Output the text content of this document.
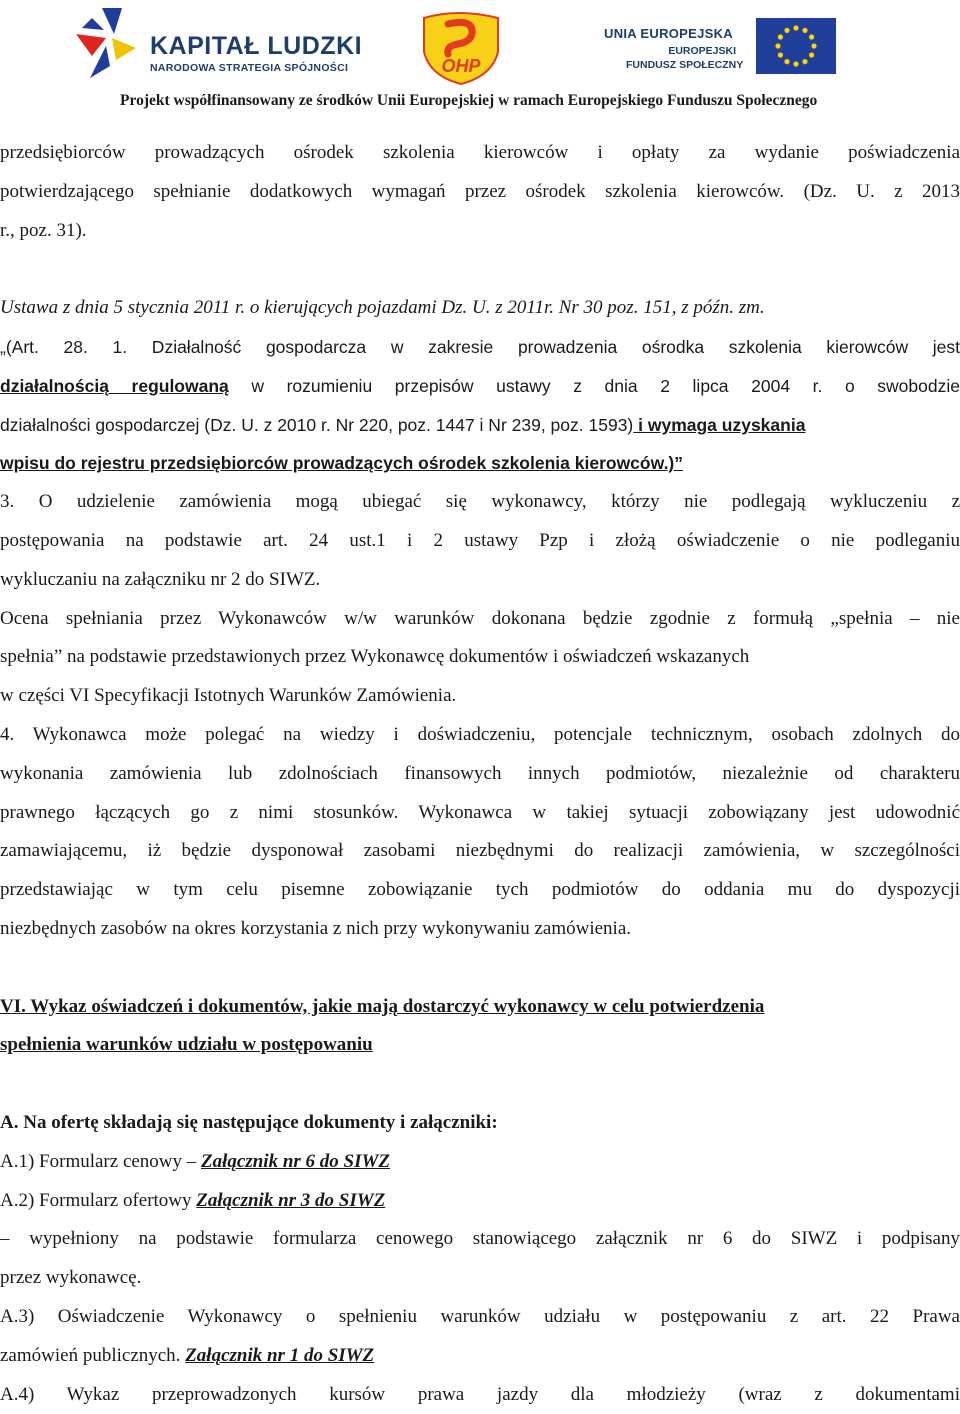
KAPITAŁ LUDZKI
NARODOWA STRATEGIA SPÓJNOŚCI	OHP
UNIA EUROPEJSKA
EUROPEJSKI
FUNDUSZ SPOŁECZNY
Projekt współfinansowany ze środków Unii Europejskiej w ramach Europejskiego Funduszu Społecznego
przedsiębiorców prowadzących ośrodek szkolenia kierowców i opłaty za wydanie poświadczenia
potwierdzającego spełnianie dodatkowych wymagań przez ośrodek szkolenia kierowców. (Dz. U. z 2013
r., poz. 31).
Ustawa z dnia 5 stycznia 2011 r. o kierujących pojazdami Dz. U. z 2011r. Nr 30 poz. 151, z późn. zm.
„(Art. 28. 1. Działalność gospodarcza w zakresie prowadzenia ośrodka szkolenia kierowców jest
działalnością regulowaną w rozumieniu przepisów ustawy z dnia 2 lipca 2004 r. o swobodzie
działalności gospodarczej (Dz. U. z 2010 r. Nr 220, poz. 1447 i Nr 239, poz. 1593) i wymaga uzyskania
wpisu do rejestru przedsiębiorców prowadzących ośrodek szkolenia kierowców.)”
3. O udzielenie zamówienia mogą ubiegać się wykonawcy, którzy nie podlegają wykluczeniu z
postępowania na podstawie art. 24 ust.1 i 2 ustawy Pzp i złożą oświadczenie o nie podleganiu
wykluczaniu na załączniku nr 2 do SIWZ.
Ocena spełniania przez Wykonawców w/w warunków dokonana będzie zgodnie z formułą „spełnia – nie
spełnia” na podstawie przedstawionych przez Wykonawcę dokumentów i oświadczeń wskazanych
w części VI Specyfikacji Istotnych Warunków Zamówienia.
4. Wykonawca może polegać na wiedzy i doświadczeniu, potencjale technicznym, osobach zdolnych do
wykonania zamówienia lub zdolnościach finansowych innych podmiotów, niezależnie od charakteru
prawnego łączących go z nimi stosunków. Wykonawca w takiej sytuacji zobowiązany jest udowodnić
zamawiającemu, iż będzie dysponował zasobami niezbędnymi do realizacji zamówienia, w szczególności
przedstawiając w tym celu pisemne zobowiązanie tych podmiotów do oddania mu do dyspozycji
niezbędnych zasobów na okres korzystania z nich przy wykonywaniu zamówienia.
VI. Wykaz oświadczeń i dokumentów, jakie mają dostarczyć wykonawcy w celu potwierdzenia
spełnienia warunków udziału w postępowaniu
A. Na ofertę składają się następujące dokumenty i załączniki:
A.1) Formularz cenowy – Załącznik nr 6 do SIWZ
A.2) Formularz ofertowy Załącznik nr 3 do SIWZ
– wypełniony na podstawie formularza cenowego stanowiącego załącznik nr 6 do SIWZ i podpisany
przez wykonawcę.
A.3) Oświadczenie Wykonawcy o spełnieniu warunków udziału w postępowaniu z art. 22 Prawa
zamówień publicznych. Załącznik nr 1 do SIWZ
A.4) Wykaz przeprowadzonych kursów prawa jazdy dla młodzieży (wraz z dokumentami
